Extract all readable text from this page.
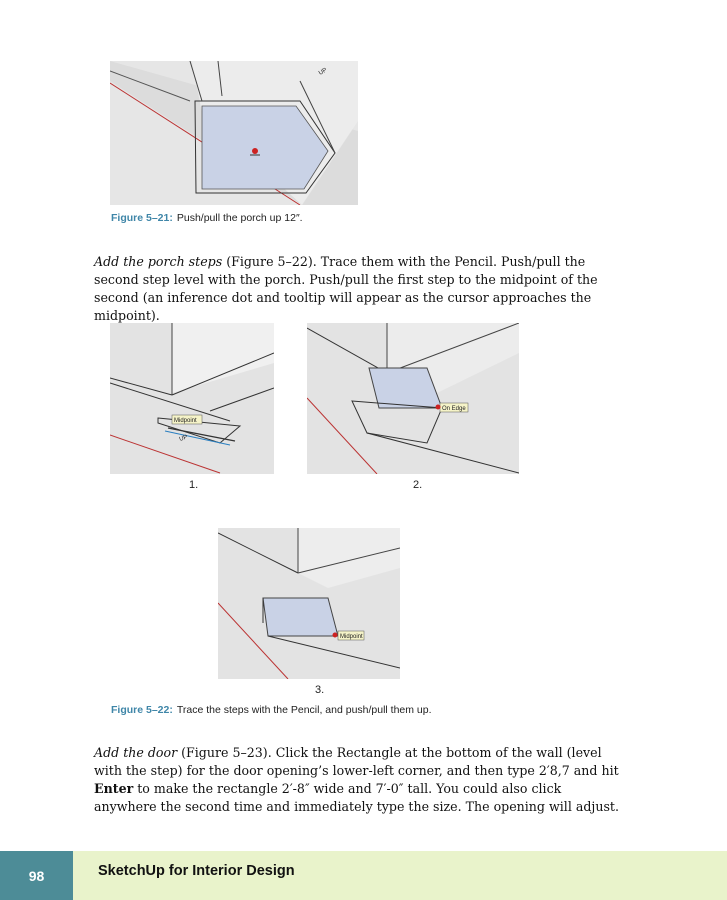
UP
Figure 5–21: Push/pull the porch up 12″.
Add the porch steps (Figure 5–22). Trace them with the Pencil. Push/pull the second step level with the porch. Push/pull the first step to the midpoint of the second (an inference dot and tooltip will appear as the cursor approaches the midpoint).
Midpoint
UP
1.
On Edge
2.
Midpoint
3.
Figure 5–22: Trace the steps with the Pencil, and push/pull them up.
Add the door (Figure 5–23). Click the Rectangle at the bottom of the wall (level with the step) for the door opening’s lower-left corner, and then type 2′8,7 and hit Enter to make the rectangle 2′-8″ wide and 7′-0″ tall. You could also click anywhere the second time and immediately type the size. The opening will adjust.
98	SketchUp for Interior Design
